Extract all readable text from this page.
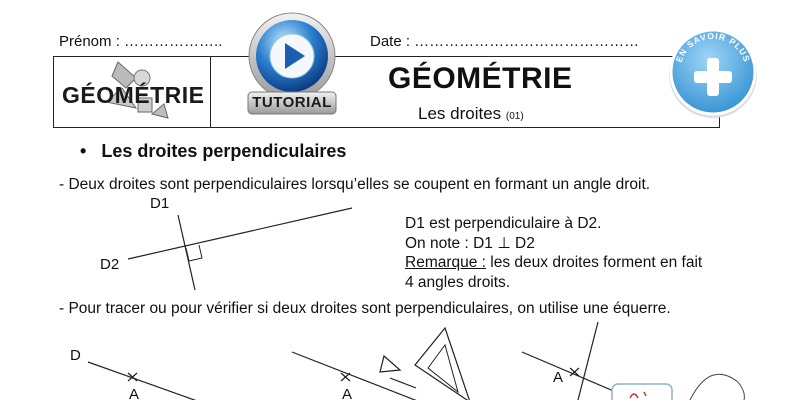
Prénom : ………………..	Date : ………………………………………
GÉOMÉTRIE	TUTORIAL
GÉOMÉTRIE
Les droites (01)
EN SAVOIR PLUS
• Les droites perpendiculaires
- Deux droites sont perpendiculaires lorsqu’elles se coupent en formant un angle droit.
D1
D2
D1 est perpendiculaire à D2.
On note : D1 ⊥ D2
Remarque : les deux droites forment en fait
4 angles droits.
- Pour tracer ou pour vérifier si deux droites sont perpendiculaires, on utilise une équerre.
D
A	A
A
